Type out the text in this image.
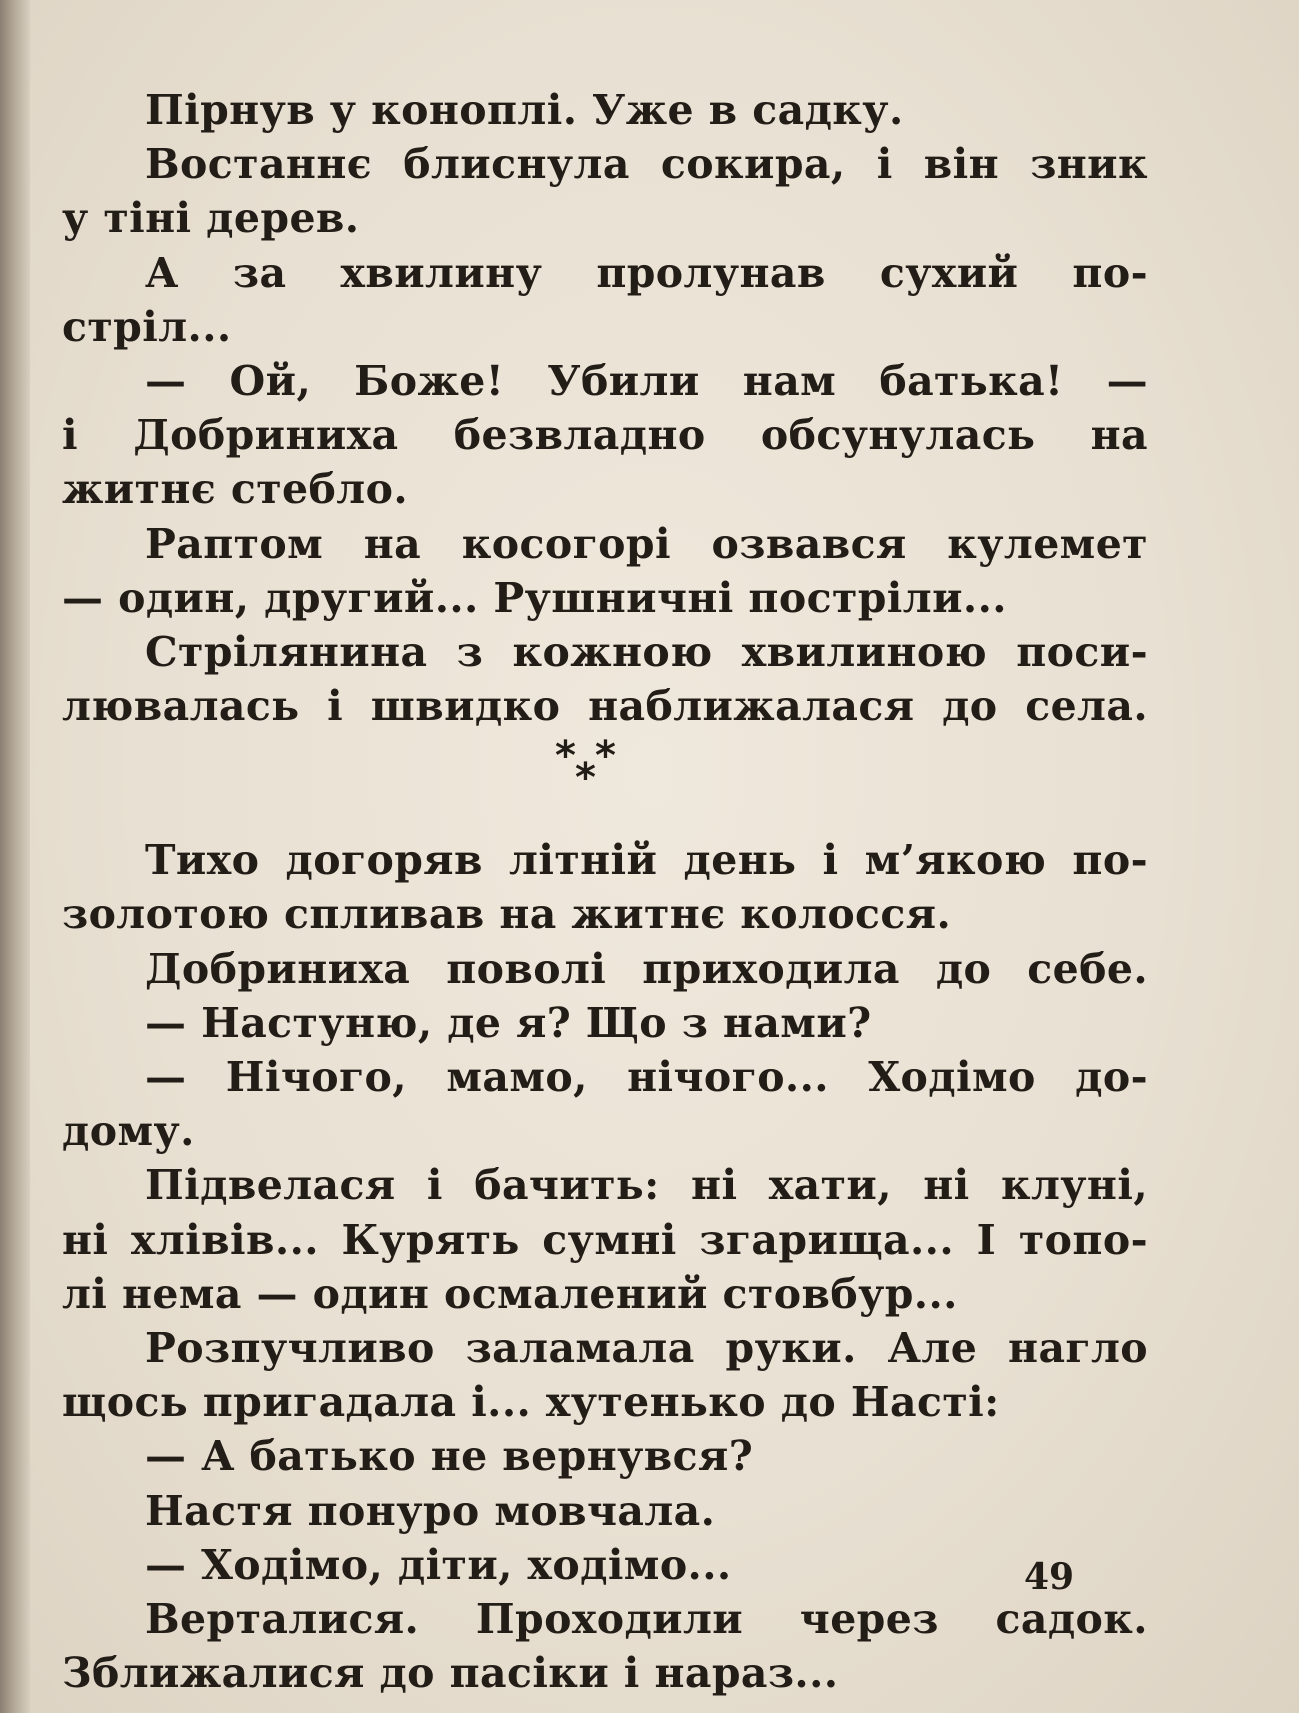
Пірнув у коноплі. Уже в садку.
Востаннє блиснула сокира, і він зник
у тіні дерев.
А за хвилину пролунав сухий по-
стріл...
— Ой, Боже! Убили нам батька! —
і Добриниха безвладно обсунулась на
житнє стебло.
Раптом на косогорі озвався кулемет
— один, другий... Рушничні постріли...
Стрілянина з кожною хвилиною поси-
лювалась і швидко наближалася до села.
* *
*
Тихо догоряв літній день і м’якою по-
золотою спливав на житнє колосся.
Добриниха поволі приходила до себе.
— Настуню, де я? Що з нами?
— Нічого, мамо, нічого... Ходімо до-
дому.
Підвелася і бачить: ні хати, ні клуні,
ні хлівів... Курять сумні згарища... І топо-
лі нема — один осмалений стовбур...
Розпучливо заламала руки. Але нагло
щось пригадала і... хутенько до Насті:
— А батько не вернувся?
Настя понуро мовчала.
— Ходімо, діти, ходімо...
Верталися. Проходили через садок.
Зближалися до пасіки і нараз...
49
